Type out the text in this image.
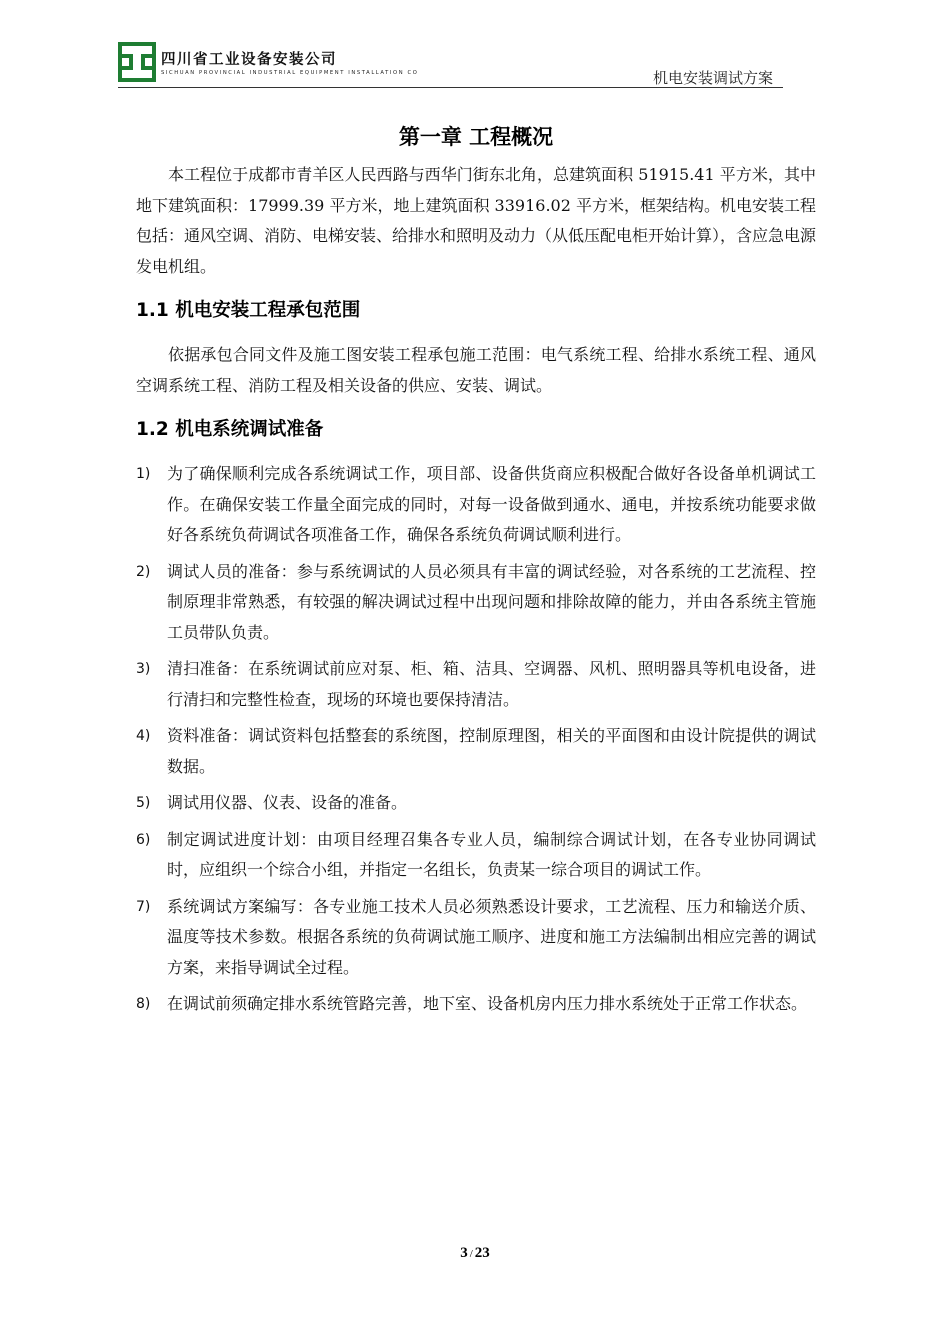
四川省工业设备安装公司
SICHUAN PROVINCIAL INDUSTRIAL EQUIPMENT INSTALLATION CO	机电安装调试方案
第一章 工程概况

本工程位于成都市青羊区人民西路与西华门街东北角，总建筑面积 51915.41 平方米，其中地下建筑面积：17999.39 平方米，地上建筑面积 33916.02 平方米，框架结构。机电安装工程包括：通风空调、消防、电梯安装、给排水和照明及动力（从低压配电柜开始计算），含应急电源发电机组。

1.1 机电安装工程承包范围

依据承包合同文件及施工图安装工程承包施工范围：电气系统工程、给排水系统工程、通风空调系统工程、消防工程及相关设备的供应、安装、调试。

1.2 机电系统调试准备
1) 为了确保顺利完成各系统调试工作，项目部、设备供货商应积极配合做好各设备单机调试工作。在确保安装工作量全面完成的同时，对每一设备做到通水、通电，并按系统功能要求做好各系统负荷调试各项准备工作，确保各系统负荷调试顺利进行。
2) 调试人员的准备：参与系统调试的人员必须具有丰富的调试经验，对各系统的工艺流程、控制原理非常熟悉，有较强的解决调试过程中出现问题和排除故障的能力，并由各系统主管施工员带队负责。
3) 清扫准备：在系统调试前应对泵、柜、箱、洁具、空调器、风机、照明器具等机电设备，进行清扫和完整性检查，现场的环境也要保持清洁。
4) 资料准备：调试资料包括整套的系统图，控制原理图，相关的平面图和由设计院提供的调试数据。
5) 调试用仪器、仪表、设备的准备。
6) 制定调试进度计划：由项目经理召集各专业人员，编制综合调试计划，在各专业协同调试时，应组织一个综合小组，并指定一名组长，负责某一综合项目的调试工作。
7) 系统调试方案编写：各专业施工技术人员必须熟悉设计要求，工艺流程、压力和输送介质、温度等技术参数。根据各系统的负荷调试施工顺序、进度和施工方法编制出相应完善的调试方案，来指导调试全过程。
8) 在调试前须确定排水系统管路完善，地下室、设备机房内压力排水系统处于正常工作状态。
3 / 23
